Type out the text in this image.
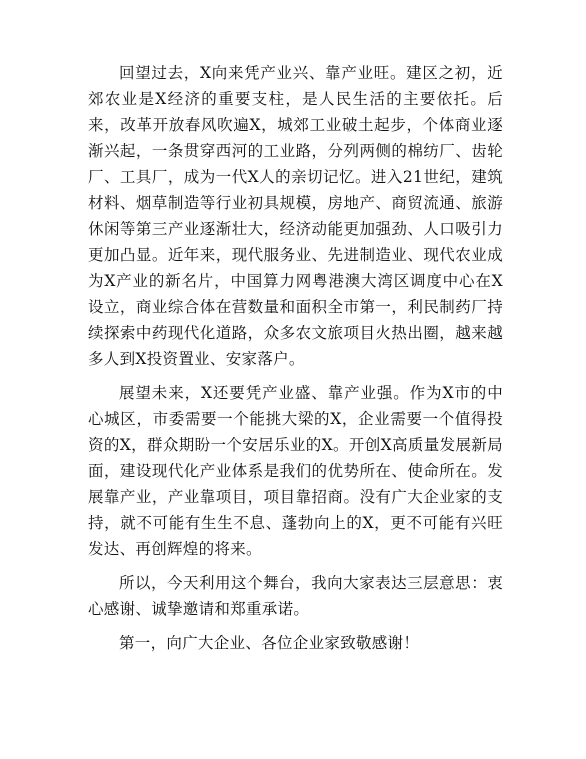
回望过去，X向来凭产业兴、靠产业旺。建区之初，近郊农业是X经济的重要支柱，是人民生活的主要依托。后来，改革开放春风吹遍X，城郊工业破土起步，个体商业逐渐兴起，一条贯穿西河的工业路，分列两侧的棉纺厂、齿轮厂、工具厂，成为一代X人的亲切记忆。进入21世纪，建筑材料、烟草制造等行业初具规模，房地产、商贸流通、旅游休闲等第三产业逐渐壮大，经济动能更加强劲、人口吸引力更加凸显。近年来，现代服务业、先进制造业、现代农业成为X产业的新名片，中国算力网粤港澳大湾区调度中心在X设立，商业综合体在营数量和面积全市第一，利民制药厂持续探索中药现代化道路，众多农文旅项目火热出圈，越来越多人到X投资置业、安家落户。

展望未来，X还要凭产业盛、靠产业强。作为X市的中心城区，市委需要一个能挑大梁的X，企业需要一个值得投资的X，群众期盼一个安居乐业的X。开创X高质量发展新局面，建设现代化产业体系是我们的优势所在、使命所在。发展靠产业，产业靠项目，项目靠招商。没有广大企业家的支持，就不可能有生生不息、蓬勃向上的X，更不可能有兴旺发达、再创辉煌的将来。

所以，今天利用这个舞台，我向大家表达三层意思：衷心感谢、诚挚邀请和郑重承诺。

第一，向广大企业、各位企业家致敬感谢！
